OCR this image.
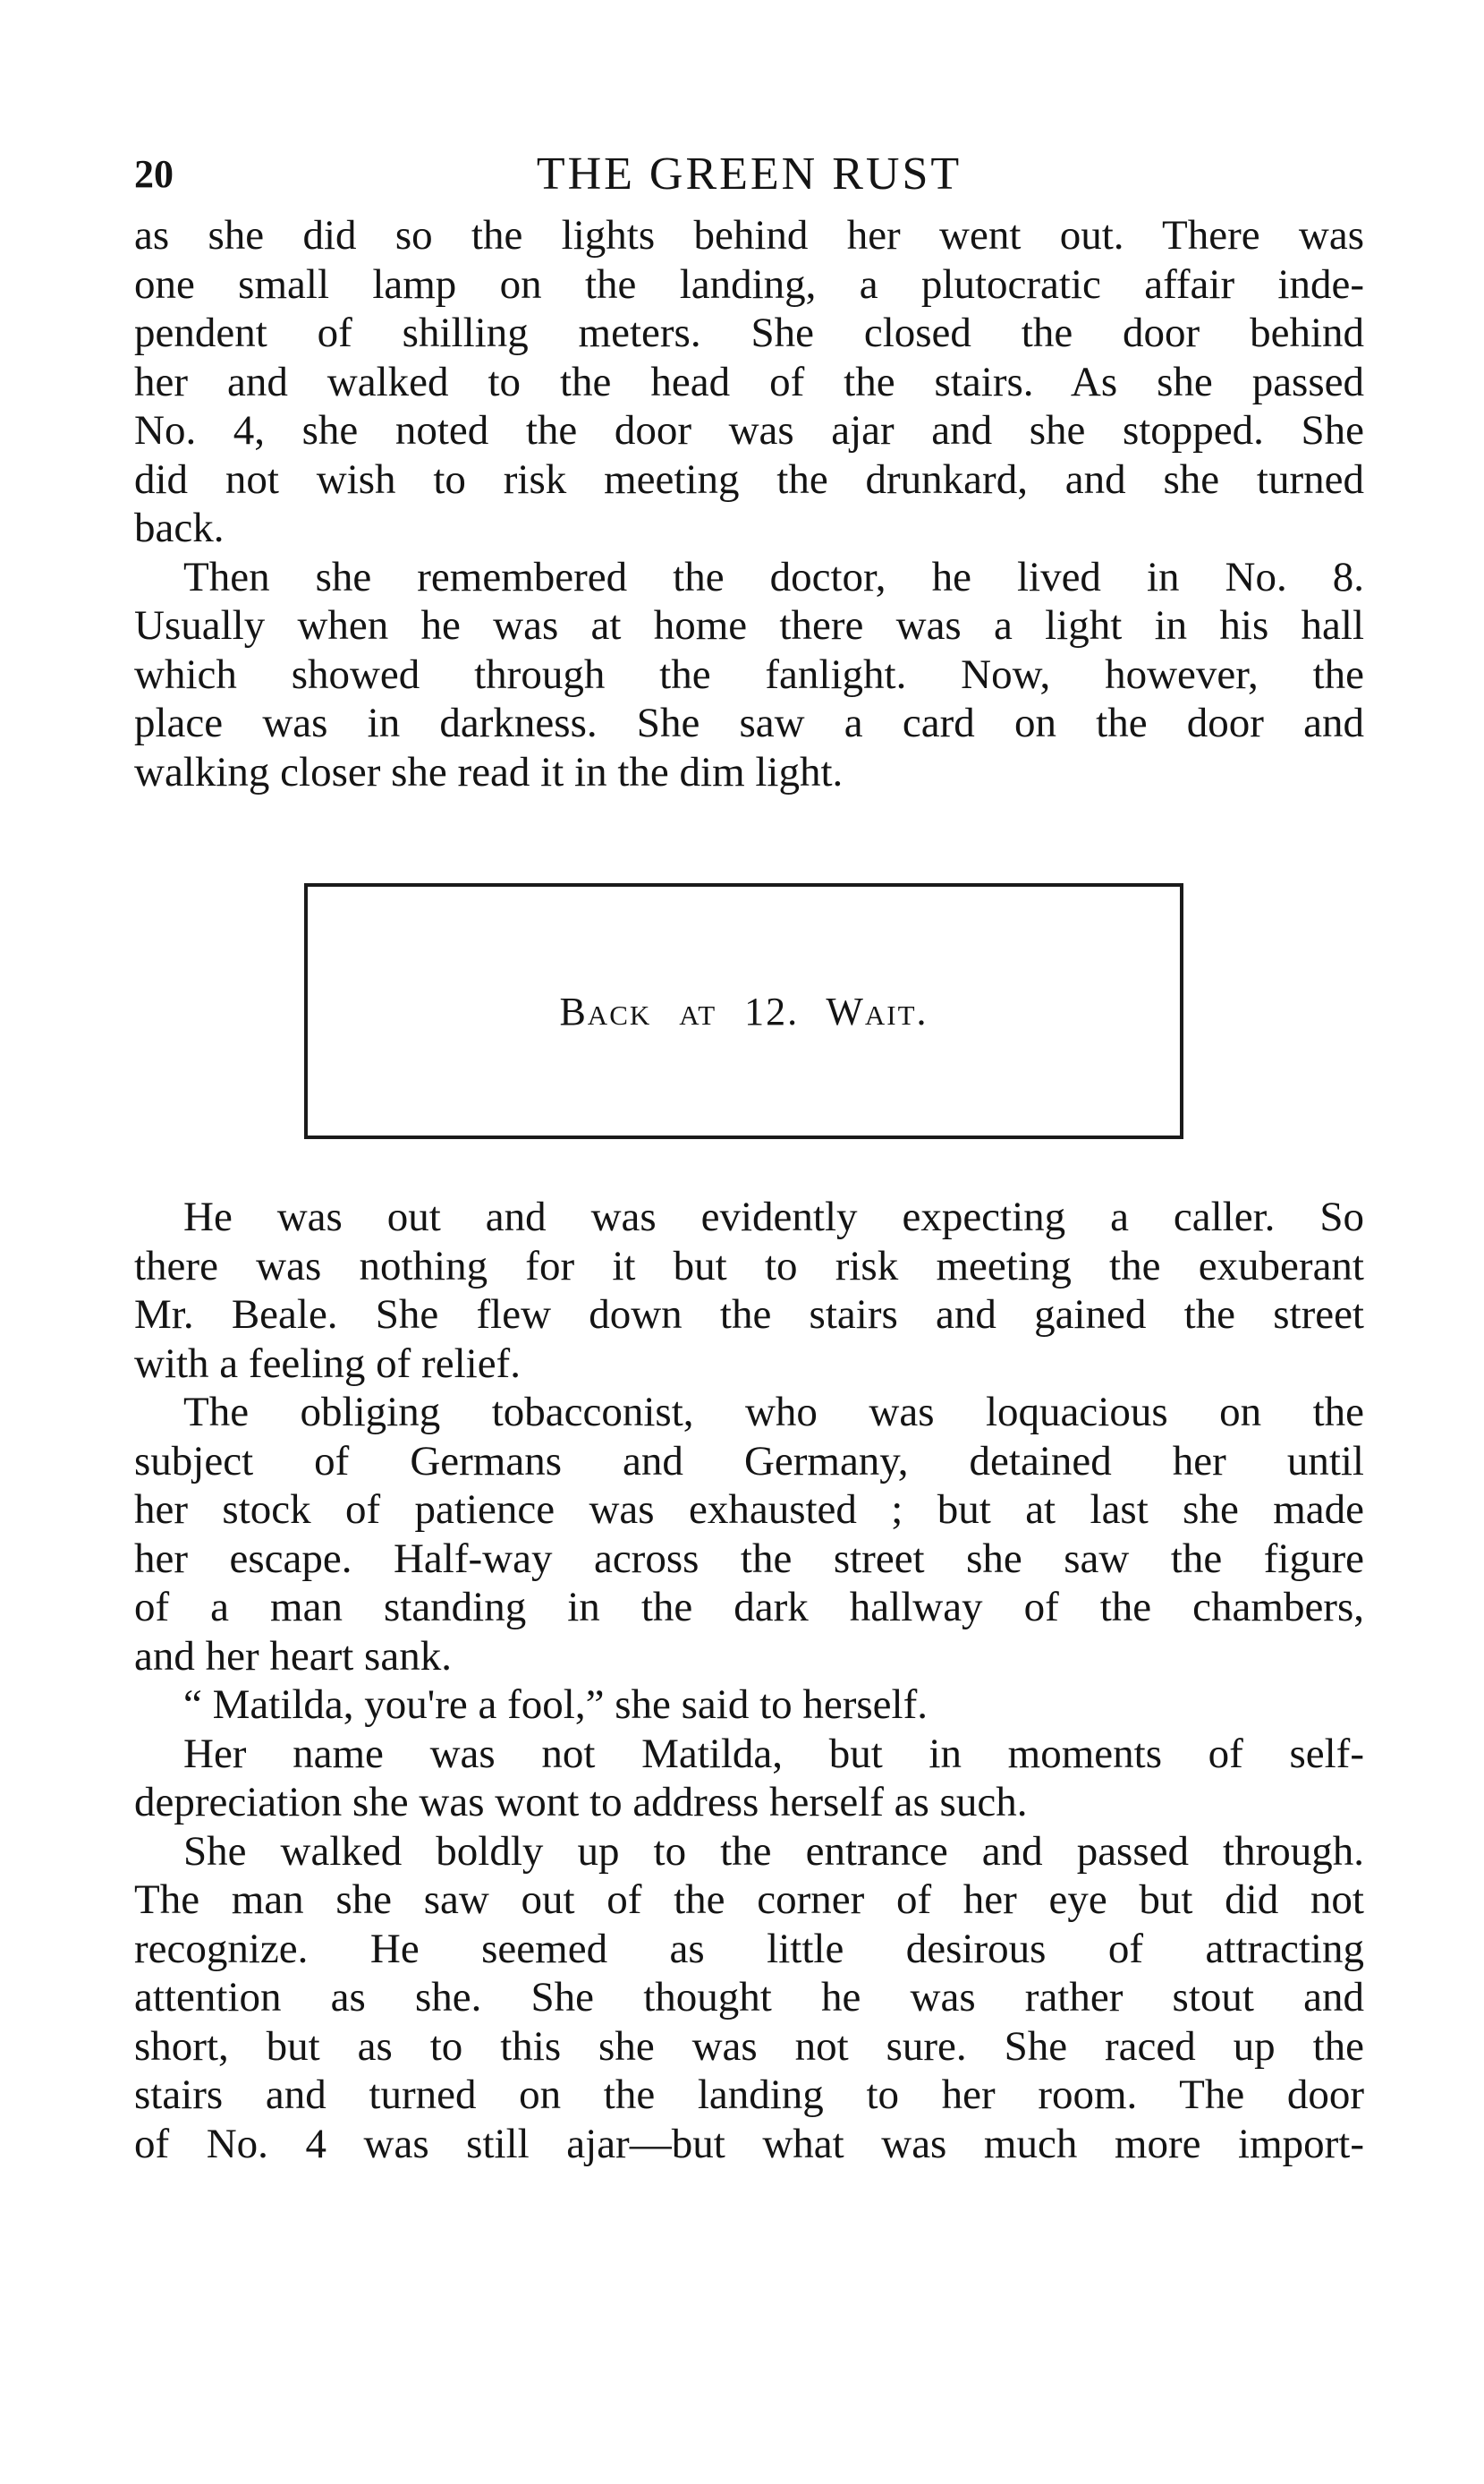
20	THE GREEN RUST
as she did so the lights behind her went out. There was
one small lamp on the landing, a plutocratic affair inde-
pendent of shilling meters. She closed the door behind
her and walked to the head of the stairs. As she passed
No. 4, she noted the door was ajar and she stopped. She
did not wish to risk meeting the drunkard, and she turned
back.
Then she remembered the doctor, he lived in No. 8.
Usually when he was at home there was a light in his hall
which showed through the fanlight. Now, however, the
place was in darkness. She saw a card on the door and
walking closer she read it in the dim light.
Back at 12. Wait.
He was out and was evidently expecting a caller. So
there was nothing for it but to risk meeting the exuberant
Mr. Beale. She flew down the stairs and gained the street
with a feeling of relief.
The obliging tobacconist, who was loquacious on the
subject of Germans and Germany, detained her until
her stock of patience was exhausted ; but at last she made
her escape. Half-way across the street she saw the figure
of a man standing in the dark hallway of the chambers,
and her heart sank.
“ Matilda, you're a fool,” she said to herself.
Her name was not Matilda, but in moments of self-
depreciation she was wont to address herself as such.
She walked boldly up to the entrance and passed through.
The man she saw out of the corner of her eye but did not
recognize. He seemed as little desirous of attracting
attention as she. She thought he was rather stout and
short, but as to this she was not sure. She raced up the
stairs and turned on the landing to her room. The door
of No. 4 was still ajar—but what was much more import-
